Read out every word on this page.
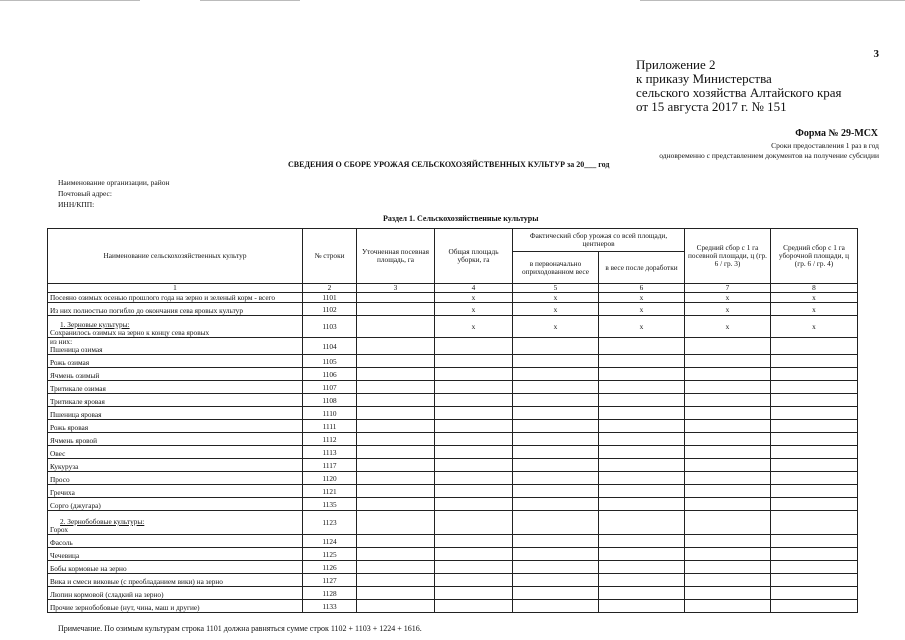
3
Приложение 2
к приказу Министерства
сельского хозяйства Алтайского края
от 15 августа 2017 г. № 151
Форма № 29-МСХ
Сроки предоставления 1 раз в год
одновременно с представлением документов на получение субсидии
СВЕДЕНИЯ О СБОРЕ УРОЖАЯ СЕЛЬСКОХОЗЯЙСТВЕННЫХ КУЛЬТУР за 20___ год
Наименование организации, район
Почтовый адрес:
ИНН/КПП:
Раздел 1. Сельскохозяйственные культуры
Наименование сельскохозяйственных культур	№ строки	Уточненная посевная площадь, га	Общая площадь уборки, га	Фактический сбор урожая со всей площади, центнеров		Средний сбор с 1 га посевной площади, ц (гр. 6 / гр. 3)	Средний сбор с 1 га уборочной площади, ц (гр. 6 / гр. 4)
				в первоначально оприходованном весе	в весе после доработки		
1	2	3	4	5	6	7	8

Посеяно озимых осенью прошлого года на зерно и зеленый корм - всего	1101		x	x	x	x	x

Из них полностью погибло до окончания сева яровых культур	1102		x	x	x	x	x

1. Зерновые культуры:
Сохранилось озимых на зерно к концу сева яровых	1103		x	x	x	x	x

из них:
Пшеница озимая	1104						

Рожь озимая	1105						

Ячмень озимый	1106						

Тритикале озимая	1107						

Тритикале яровая	1108						

Пшеница яровая	1110						

Рожь яровая	1111						

Ячмень яровой	1112						

Овес	1113						

Кукуруза	1117						

Просо	1120						

Гречиха	1121						

Сорго (джугара)	1135						

2. Зернобобовые культуры:
Горох	1123						

Фасоль	1124						

Чечевица	1125						

Бобы кормовые на зерно	1126						

Вика и смеси виковые (с преобладанием вики) на зерно	1127						

Люпин кормовой (сладкий на зерно)	1128						

Прочие зернобобовые (нут, чина, маш и другие)	1133						
Примечание. По озимым культурам строка 1101 должна равняться сумме строк 1102 + 1103 + 1224 + 1616.
